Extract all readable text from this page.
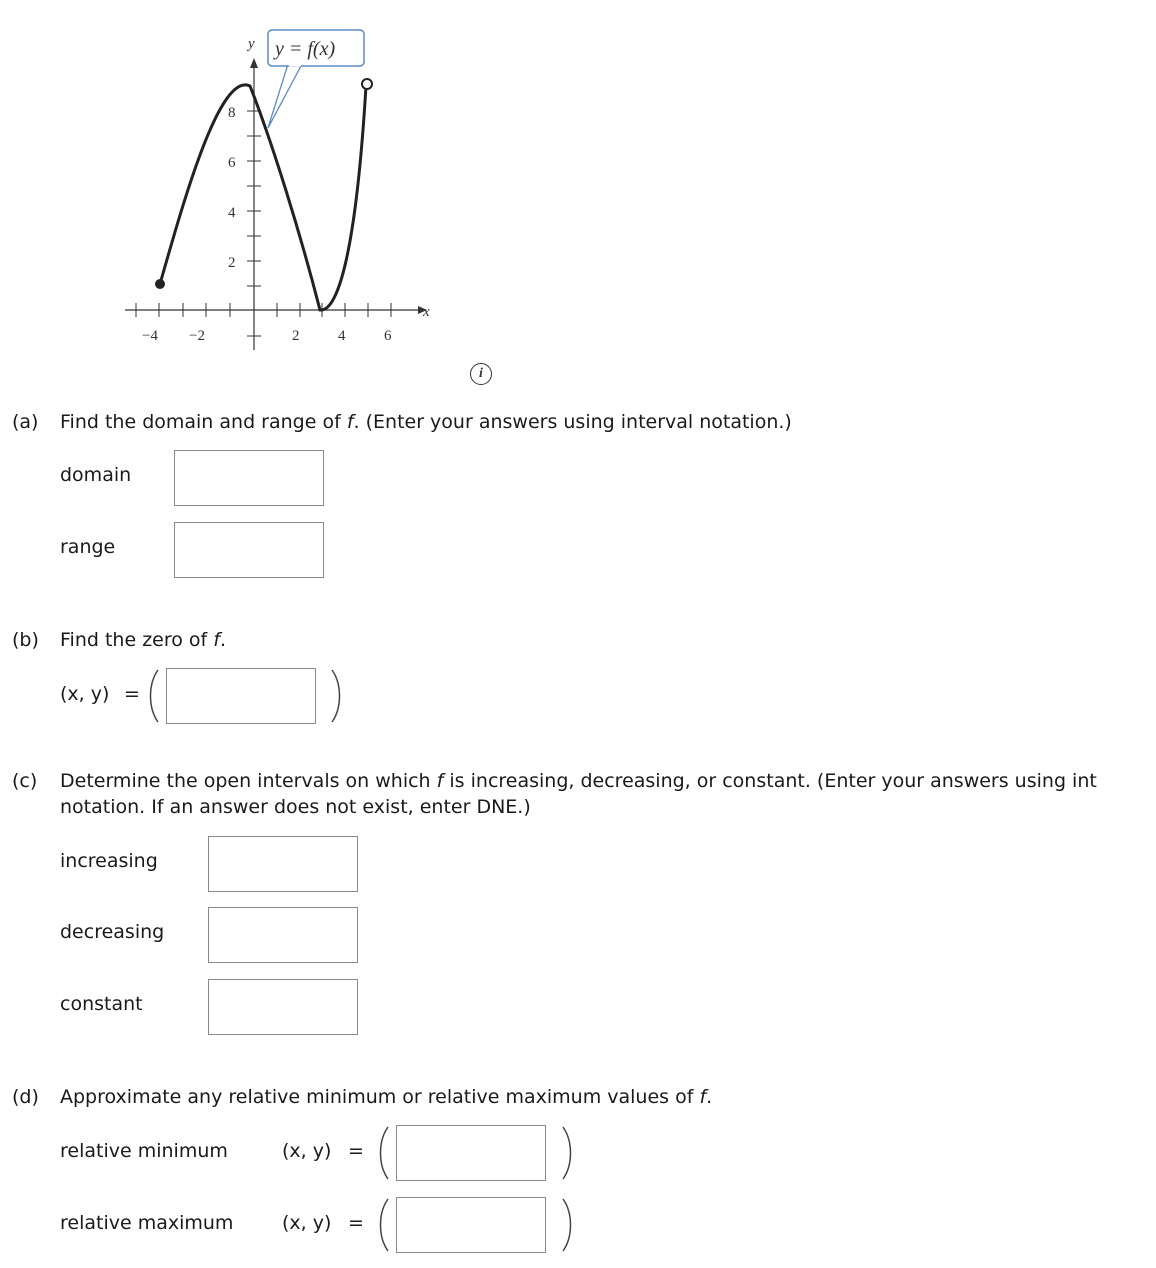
2
4
6
8
−4 −2	2	4	6
y
x
y = f(x)
i
(a) Find the domain and range of f. (Enter your answers using interval notation.)
domain
range
(b) Find the zero of f.
(x, y) =
(c) Determine the open intervals on which f is increasing, decreasing, or constant. (Enter your answers using int
notation. If an answer does not exist, enter DNE.)
increasing
decreasing
constant
(d) Approximate any relative minimum or relative maximum values of f.
relative minimum	(x, y) =
relative maximum	(x, y) =
